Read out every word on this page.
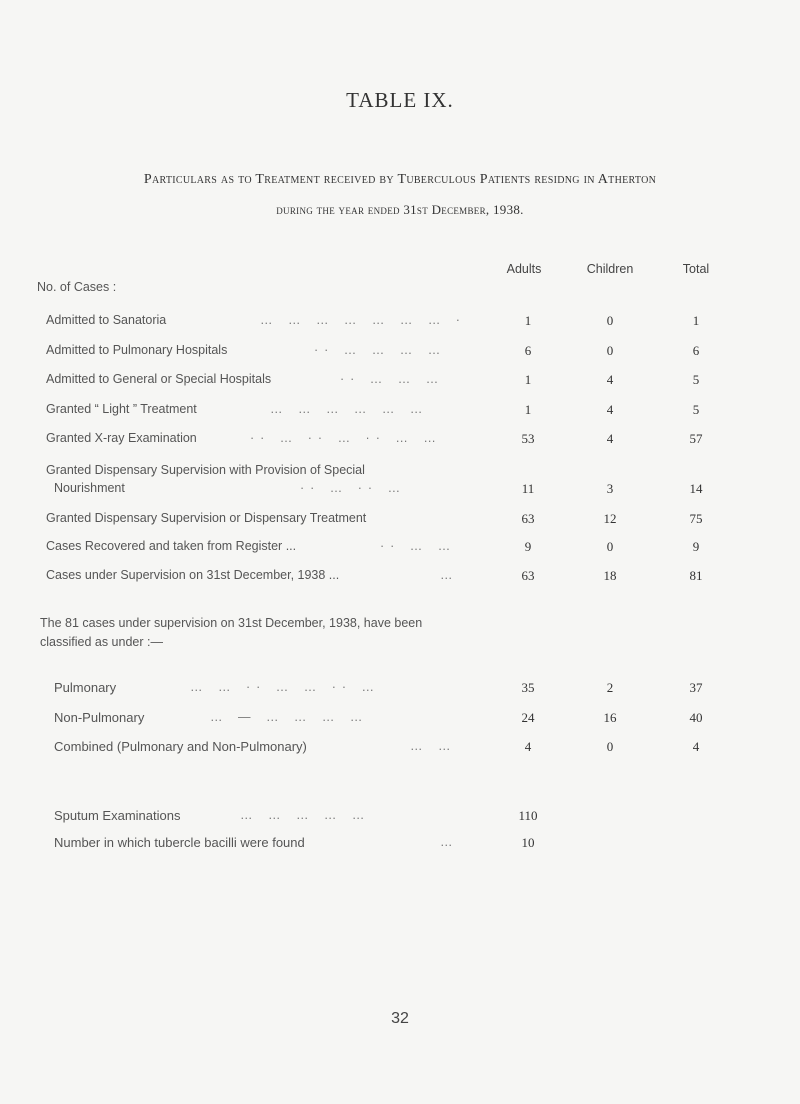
TABLE IX.
Particulars as to Treatment received by Tuberculous Patients residng in Atherton
during the year ended 31st December, 1938.
Adults	Children	Total
No. of Cases :
Admitted to Sanatoria	… … … … … … … ·	1	0	1
Admitted to Pulmonary Hospitals	·· … … … …	6	0	6
Admitted to General or Special Hospitals	·· … … …	1	4	5
Granted “ Light ” Treatment	… … … … … …	1	4	5
Granted X-ray Examination	·· … ·· … ·· … …	53	4	57
Granted Dispensary Supervision with Provision of Special
Nourishment	·· … ·· …	11	3	14
Granted Dispensary Supervision or Dispensary Treatment	63	12	75
Cases Recovered and taken from Register ...	·· … …	9	0	9
Cases under Supervision on 31st December, 1938 ...	…	63	18	81
The 81 cases under supervision on 31st December, 1938, have been classified as under :—
Pulmonary	… … ·· … … ·· …	35	2	37
Non-Pulmonary	… — … … … …	24	16	40
Combined (Pulmonary and Non-Pulmonary)	… …	4	0	4
Sputum Examinations	… … … … …	110
Number in which tubercle bacilli were found	…	10
32
